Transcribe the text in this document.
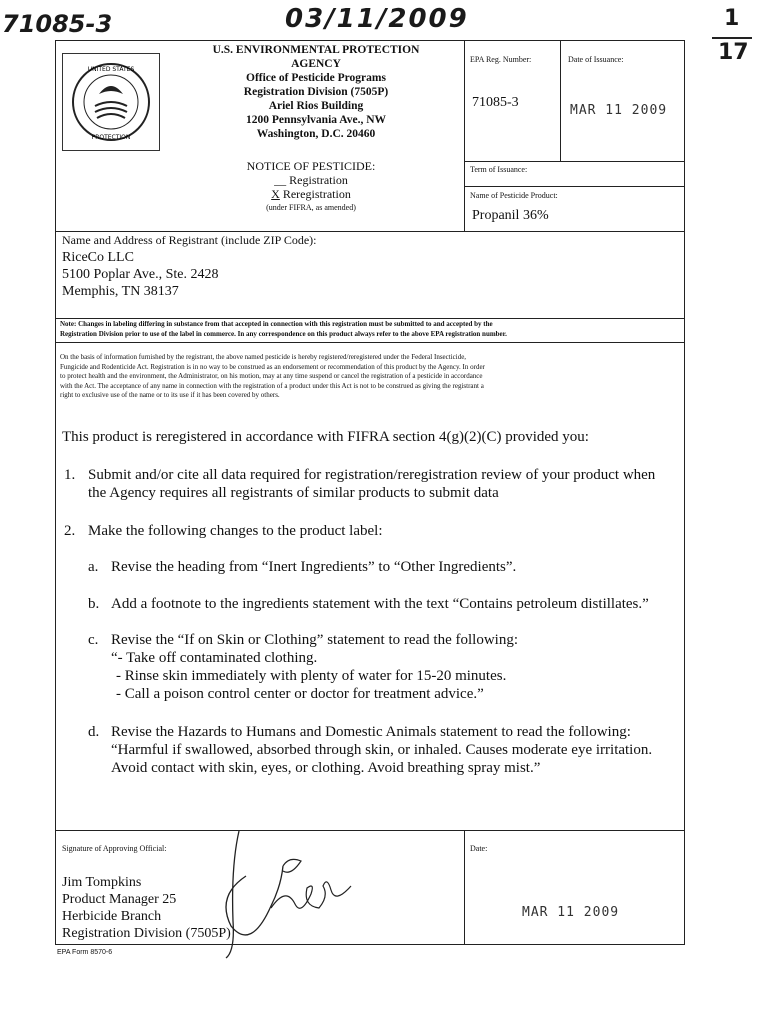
71085-3	03/11/2009	1
17
UNITED STATES
PROTECTION
U.S. ENVIRONMENTAL PROTECTION
AGENCY
Office of Pesticide Programs
Registration Division (7505P)
Ariel Rios Building
1200 Pennsylvania Ave., NW
Washington, D.C. 20460
NOTICE OF PESTICIDE:
__ Registration
X Reregistration
(under FIFRA, as amended)
EPA Reg. Number:
71085-3
Date of Issuance:
MAR 11 2009
Term of Issuance:
Name of Pesticide Product:
Propanil 36%
Name and Address of Registrant (include ZIP Code):
RiceCo LLC
5100 Poplar Ave., Ste. 2428
Memphis, TN 38137
Note: Changes in labeling differing in substance from that accepted in connection with this registration must be submitted to and accepted by the
Registration Division prior to use of the label in commerce. In any correspondence on this product always refer to the above EPA registration number.
On the basis of information furnished by the registrant, the above named pesticide is hereby registered/reregistered under the Federal Insecticide,
Fungicide and Rodenticide Act. Registration is in no way to be construed as an endorsement or recommendation of this product by the Agency. In order
to protect health and the environment, the Administrator, on his motion, may at any time suspend or cancel the registration of a pesticide in accordance
with the Act. The acceptance of any name in connection with the registration of a product under this Act is not to be construed as giving the registrant a
right to exclusive use of the name or to its use if it has been covered by others.
This product is reregistered in accordance with FIFRA section 4(g)(2)(C) provided you:
1. Submit and/or cite all data required for registration/reregistration review of your product when
the Agency requires all registrants of similar products to submit data
2. Make the following changes to the product label:
a. Revise the heading from “Inert Ingredients” to “Other Ingredients”.
b. Add a footnote to the ingredients statement with the text “Contains petroleum distillates.”
c. Revise the “If on Skin or Clothing” statement to read the following:
“- Take off contaminated clothing.
- Rinse skin immediately with plenty of water for 15-20 minutes.
- Call a poison control center or doctor for treatment advice.”
d. Revise the Hazards to Humans and Domestic Animals statement to read the following:
“Harmful if swallowed, absorbed through skin, or inhaled. Causes moderate eye irritation.
Avoid contact with skin, eyes, or clothing. Avoid breathing spray mist.”
Signature of Approving Official:
Jim Tompkins
Product Manager 25
Herbicide Branch
Registration Division (7505P)
Date:
MAR 11 2009
EPA Form 8570-6
